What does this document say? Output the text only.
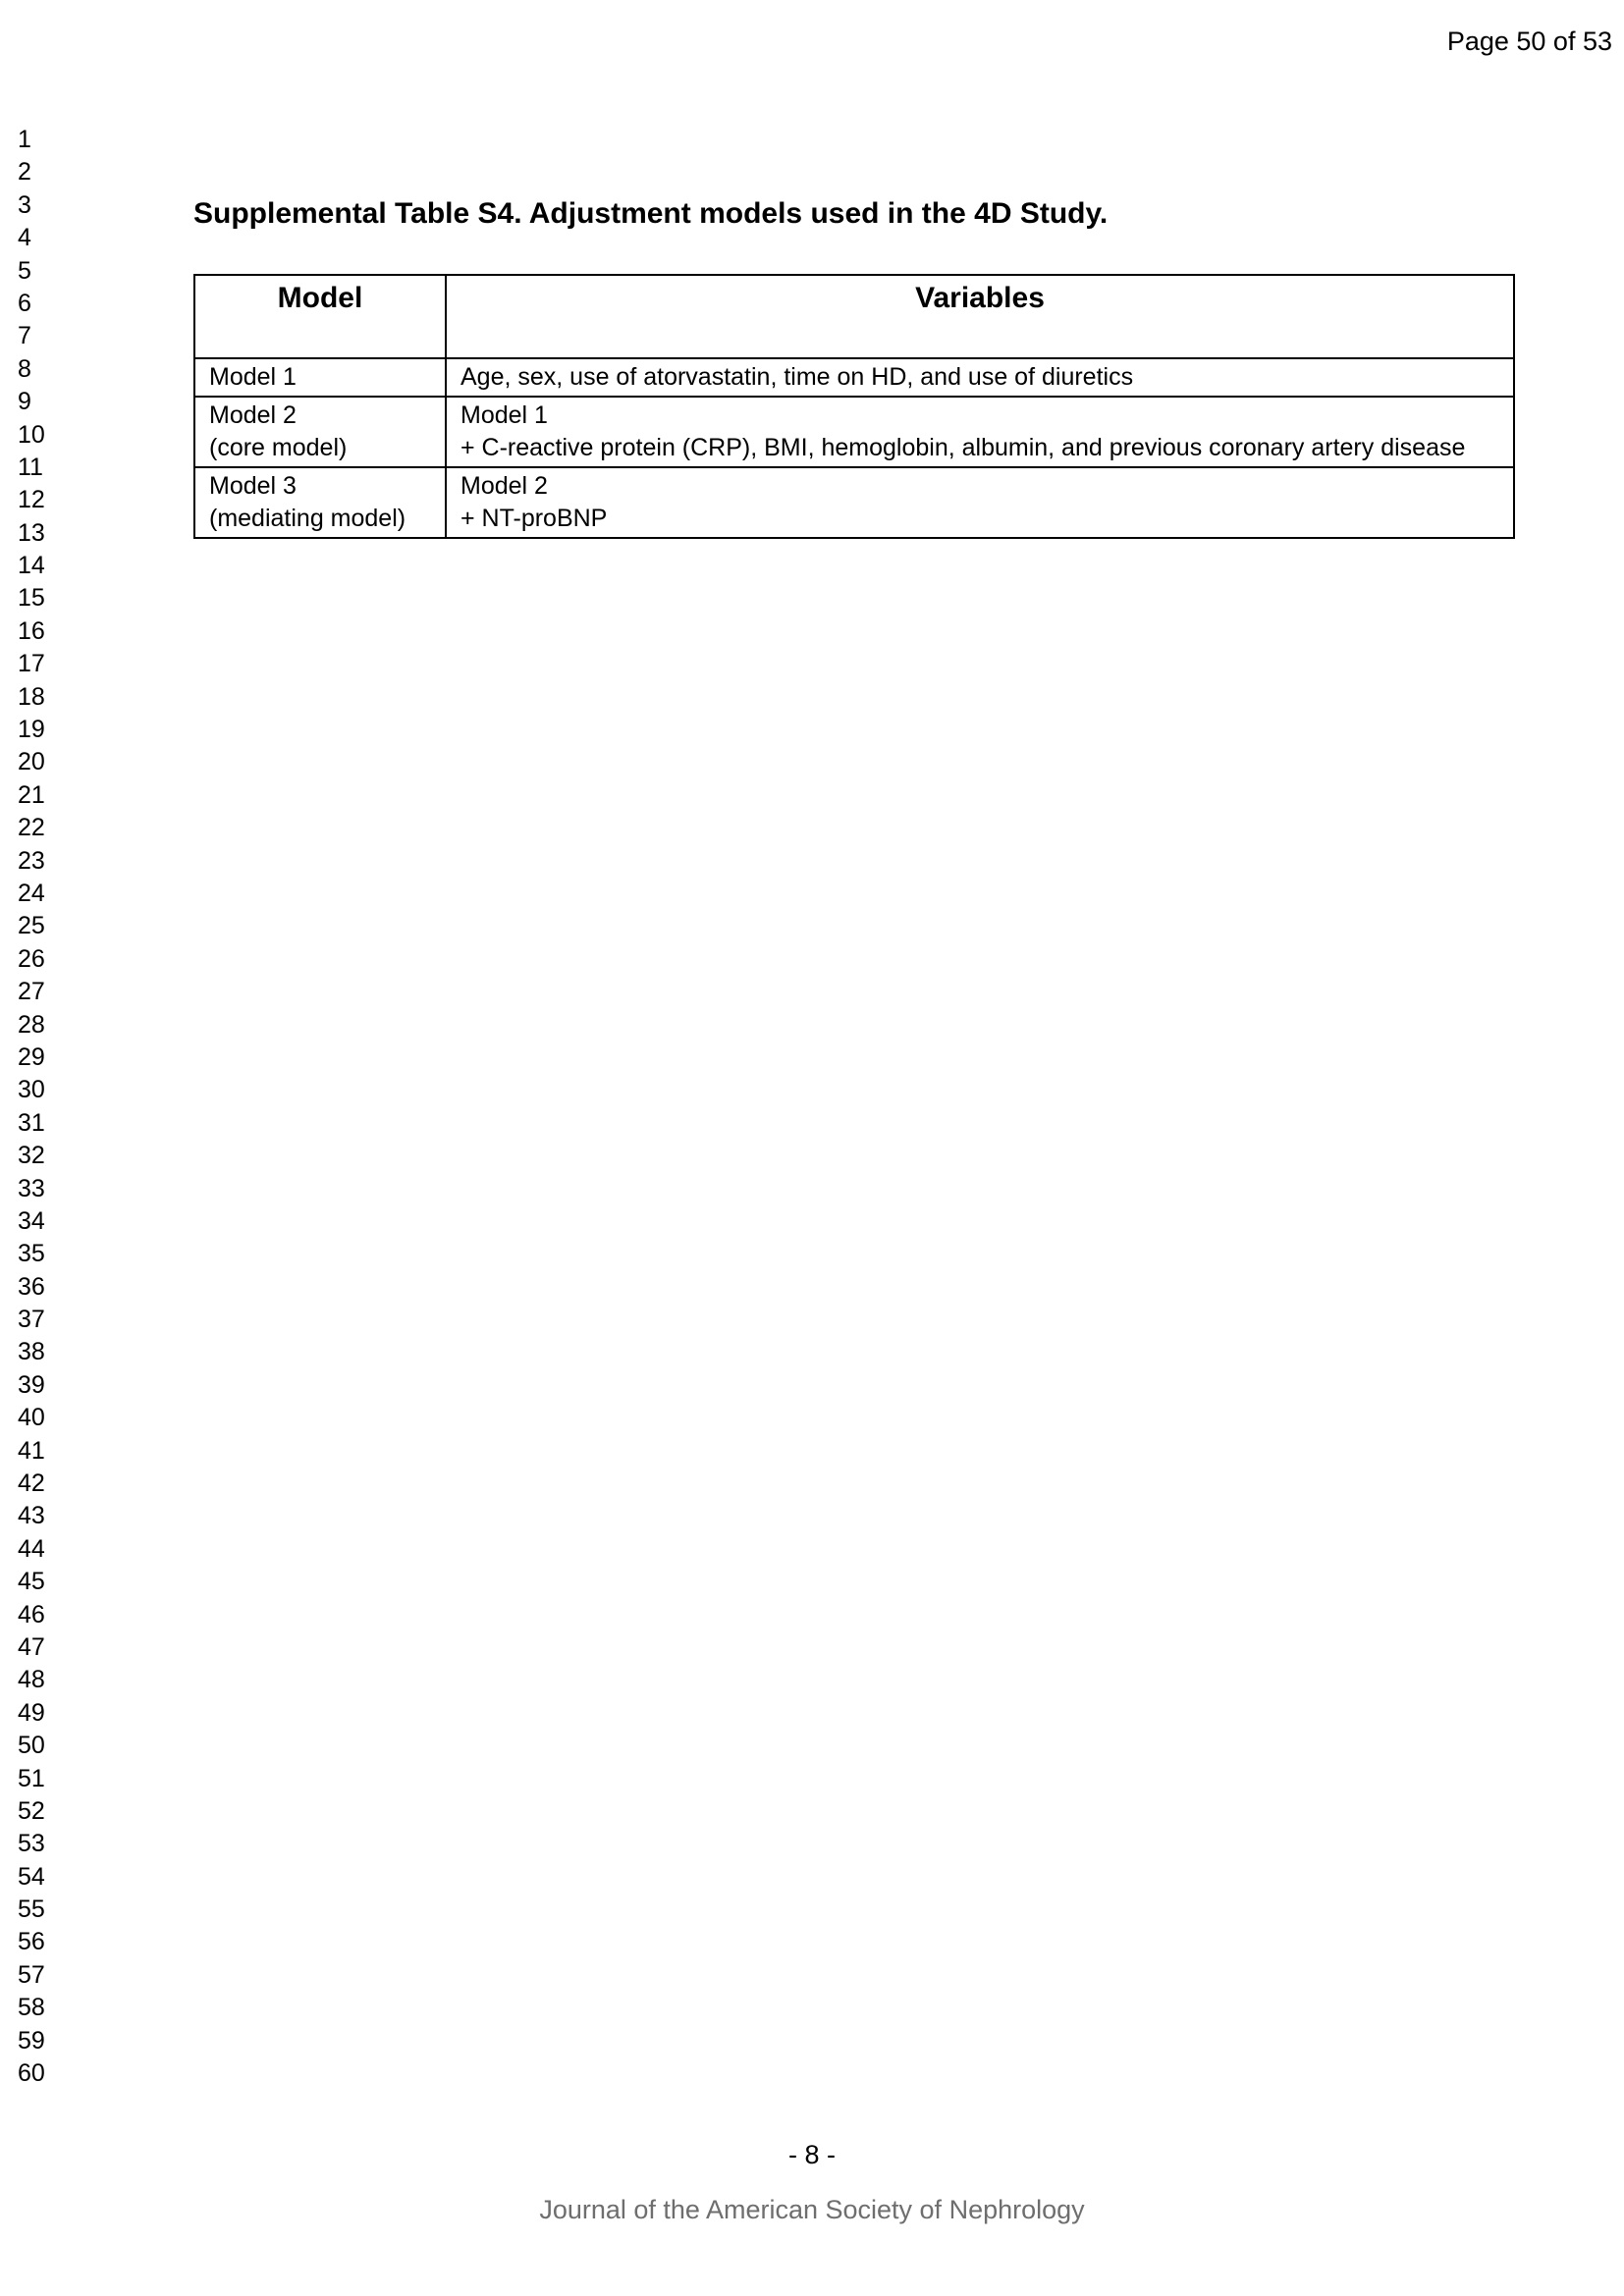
Page 50 of 53
1
2
3
4
5
6
7
8
9
10
11
12
13
14
15
16
17
18
19
20
21
22
23
24
25
26
27
28
29
30
31
32
33
34
35
36
37
38
39
40
41
42
43
44
45
46
47
48
49
50
51
52
53
54
55
56
57
58
59
60
Supplemental Table S4. Adjustment models used in the 4D Study.
Model	Variables

Model 1	Age, sex, use of atorvastatin, time on HD, and use of diuretics

Model 2
(core model)	Model 1
+ C-reactive protein (CRP), BMI, hemoglobin, albumin, and previous coronary artery disease

Model 3
(mediating model)	Model 2
+ NT-proBNP
- 8 -
Journal of the American Society of Nephrology
